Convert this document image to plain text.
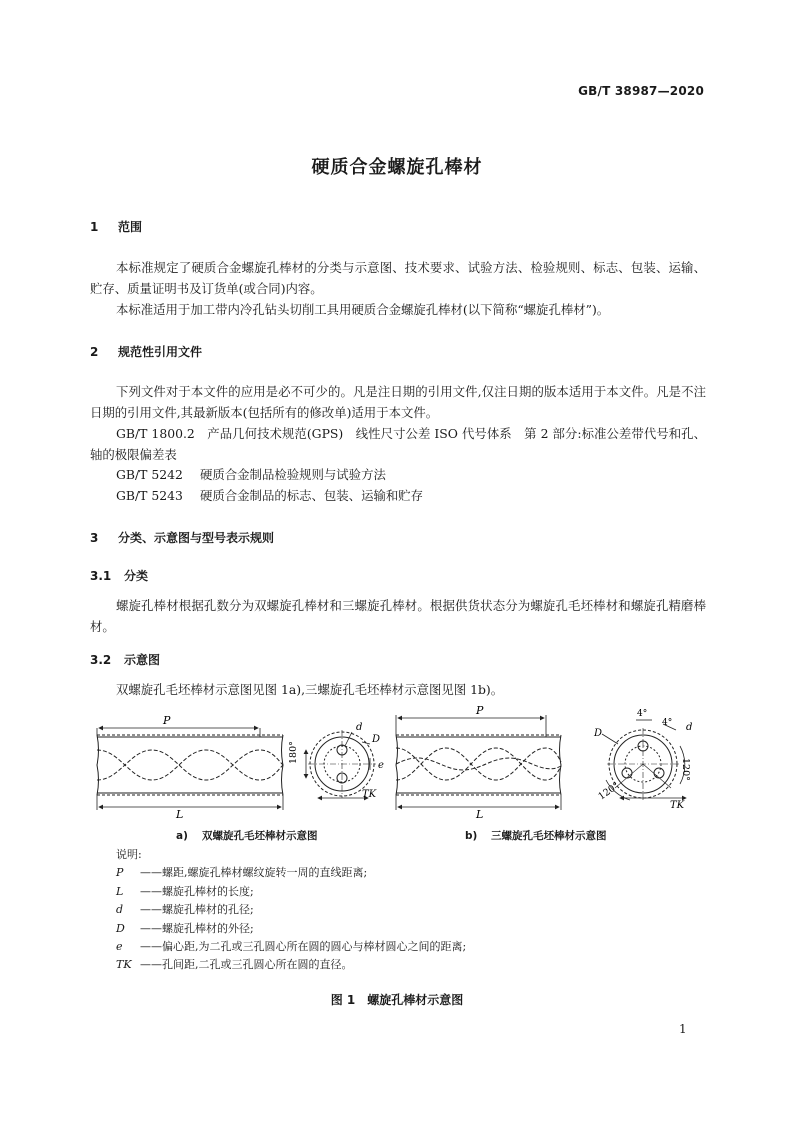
GB/T 38987—2020
硬质合金螺旋孔棒材
1 范围
本标准规定了硬质合金螺旋孔棒材的分类与示意图、技术要求、试验方法、检验规则、标志、包装、运输、贮存、质量证明书及订货单(或合同)内容。
本标准适用于加工带内冷孔钻头切削工具用硬质合金螺旋孔棒材(以下简称“螺旋孔棒材”)。
2 规范性引用文件
下列文件对于本文件的应用是必不可少的。凡是注日期的引用文件,仅注日期的版本适用于本文件。凡是不注日期的引用文件,其最新版本(包括所有的修改单)适用于本文件。
GB/T 1800.2　产品几何技术规范(GPS)　线性尺寸公差 ISO 代号体系　第 2 部分:标准公差带代号和孔、轴的极限偏差表
GB/T 5242 硬质合金制品检验规则与试验方法
GB/T 5243 硬质合金制品的标志、包装、运输和贮存
3 分类、示意图与型号表示规则
3.1 分类
螺旋孔棒材根据孔数分为双螺旋孔棒材和三螺旋孔棒材。根据供货状态分为螺旋孔毛坯棒材和螺旋孔精磨棒材。
3.2 示意图
双螺旋孔毛坯棒材示意图见图 1a),三螺旋孔毛坯棒材示意图见图 1b)。
P
L
180°
d
D
e
TK
P
L
4°
4° d
D
120°
120°
TK
a) 双螺旋孔毛坯棒材示意图	b) 三螺旋孔毛坯棒材示意图
说明:
P ——螺距,螺旋孔棒材螺纹旋转一周的直线距离;
L ——螺旋孔棒材的长度;
d ——螺旋孔棒材的孔径;
D ——螺旋孔棒材的外径;
e ——偏心距,为二孔或三孔圆心所在圆的圆心与棒材圆心之间的距离;
TK ——孔间距,二孔或三孔圆心所在圆的直径。
图 1　螺旋孔棒材示意图
1
